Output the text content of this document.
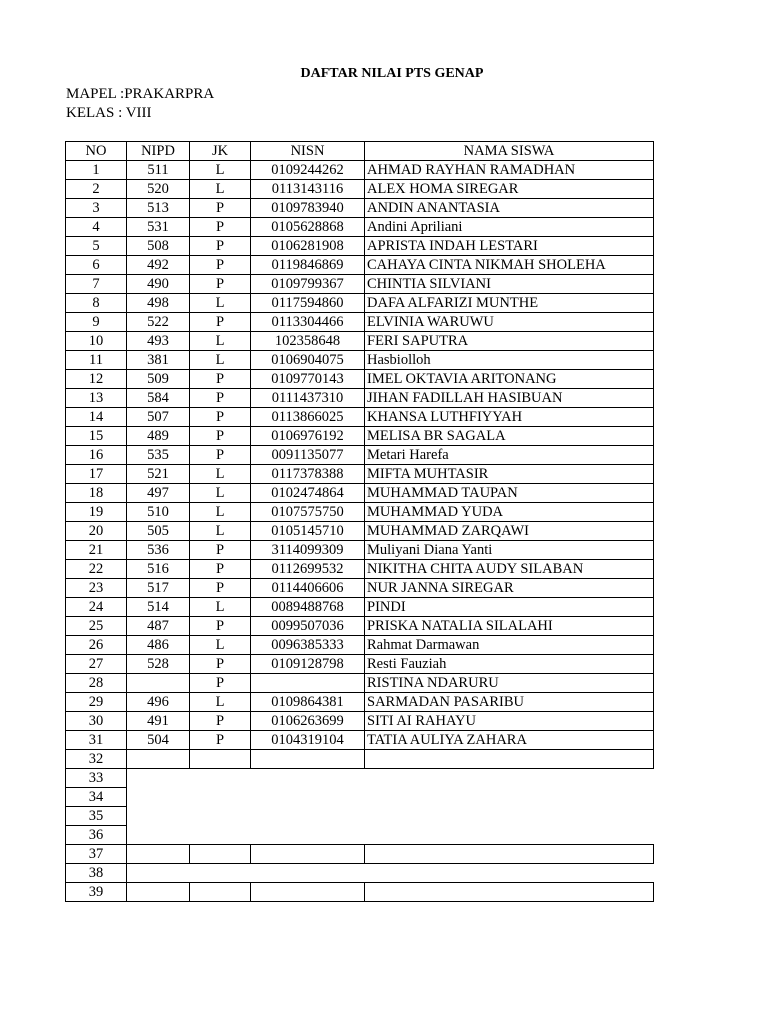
DAFTAR NILAI PTS GENAP
MAPEL :PRAKARPRA
KELAS : VIII
NO	NIPD	JK	NISN	NAMA SISWA
1	511	L	0109244262	AHMAD RAYHAN RAMADHAN
2	520	L	0113143116	ALEX HOMA SIREGAR
3	513	P	0109783940	ANDIN ANANTASIA
4	531	P	0105628868	Andini Apriliani
5	508	P	0106281908	APRISTA INDAH LESTARI
6	492	P	0119846869	CAHAYA CINTA NIKMAH SHOLEHA
7	490	P	0109799367	CHINTIA SILVIANI
8	498	L	0117594860	DAFA ALFARIZI MUNTHE
9	522	P	0113304466	ELVINIA WARUWU
10	493	L	102358648	FERI SAPUTRA
11	381	L	0106904075	Hasbiolloh
12	509	P	0109770143	IMEL OKTAVIA ARITONANG
13	584	P	0111437310	JIHAN FADILLAH HASIBUAN
14	507	P	0113866025	KHANSA LUTHFIYYAH
15	489	P	0106976192	MELISA BR SAGALA
16	535	P	0091135077	Metari Harefa
17	521	L	0117378388	MIFTA MUHTASIR
18	497	L	0102474864	MUHAMMAD TAUPAN
19	510	L	0107575750	MUHAMMAD YUDA
20	505	L	0105145710	MUHAMMAD ZARQAWI
21	536	P	3114099309	Muliyani Diana Yanti
22	516	P	0112699532	NIKITHA CHITA AUDY SILABAN
23	517	P	0114406606	NUR JANNA SIREGAR
24	514	L	0089488768	PINDI
25	487	P	0099507036	PRISKA NATALIA SILALAHI
26	486	L	0096385333	Rahmat Darmawan
27	528	P	0109128798	Resti Fauziah
28		P		RISTINA NDARURU
29	496	L	0109864381	SARMADAN PASARIBU
30	491	P	0106263699	SITI AI RAHAYU
31	504	P	0104319104	TATIA AULIYA ZAHARA
32				
33				
34				
35				
36				
37				
38				
39				
